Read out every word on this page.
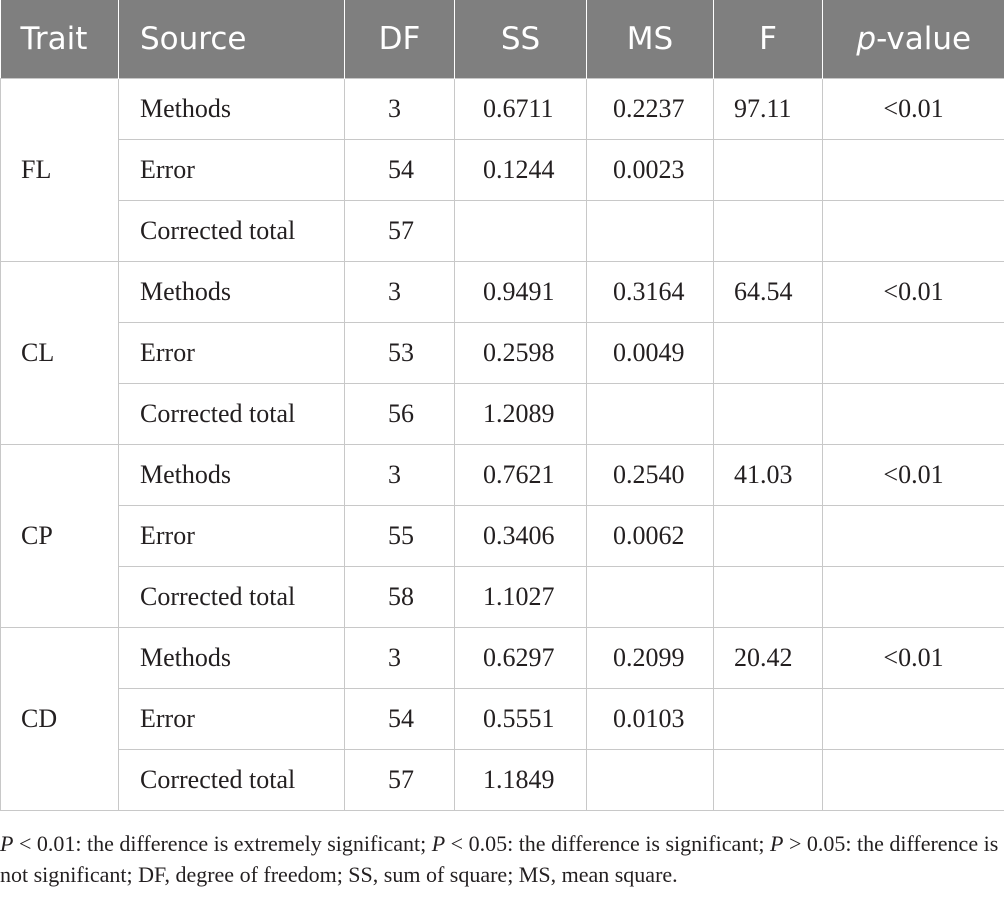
Trait	Source	DF	SS	MS	F	p-value
FL	Methods	3	0.6711	0.2237	97.11	<0.01
	Error	54	0.1244	0.0023		
	Corrected total	57				
CL	Methods	3	0.9491	0.3164	64.54	<0.01
	Error	53	0.2598	0.0049		
	Corrected total	56	1.2089			
CP	Methods	3	0.7621	0.2540	41.03	<0.01
	Error	55	0.3406	0.0062		
	Corrected total	58	1.1027			
CD	Methods	3	0.6297	0.2099	20.42	<0.01
	Error	54	0.5551	0.0103		
	Corrected total	57	1.1849			
P < 0.01: the difference is extremely significant; P < 0.05: the difference is significant; P > 0.05: the difference is not significant; DF, degree of freedom; SS, sum of square; MS, mean square.
